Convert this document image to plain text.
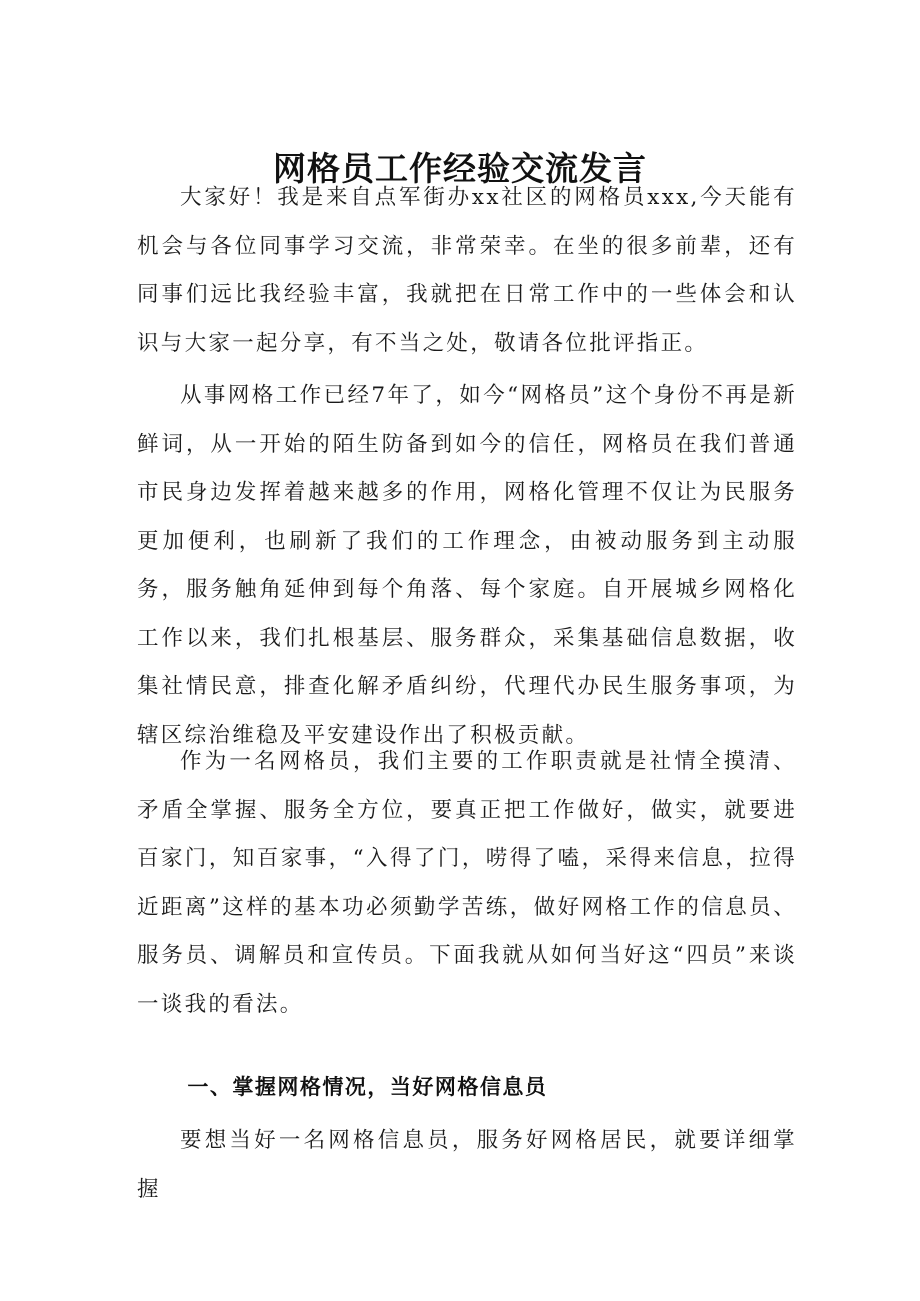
网格员工作经验交流发言

大家好！我是来自点军街办xx社区的网格员xxx,今天能有机会与各位同事学习交流，非常荣幸。在坐的很多前辈，还有同事们远比我经验丰富，我就把在日常工作中的一些体会和认识与大家一起分享，有不当之处，敬请各位批评指正。

从事网格工作已经7年了，如今“网格员”这个身份不再是新鲜词，从一开始的陌生防备到如今的信任，网格员在我们普通市民身边发挥着越来越多的作用，网格化管理不仅让为民服务更加便利，也刷新了我们的工作理念，由被动服务到主动服务，服务触角延伸到每个角落、每个家庭。自开展城乡网格化工作以来，我们扎根基层、服务群众，采集基础信息数据，收集社情民意，排查化解矛盾纠纷，代理代办民生服务事项，为辖区综治维稳及平安建设作出了积极贡献。

作为一名网格员，我们主要的工作职责就是社情全摸清、矛盾全掌握、服务全方位，要真正把工作做好，做实，就要进百家门，知百家事，“入得了门，唠得了嗑，采得来信息，拉得近距离”这样的基本功必须勤学苦练，做好网格工作的信息员、服务员、调解员和宣传员。下面我就从如何当好这“四员”来谈一谈我的看法。

一、掌握网格情况，当好网格信息员

要想当好一名网格信息员，服务好网格居民，就要详细掌握
